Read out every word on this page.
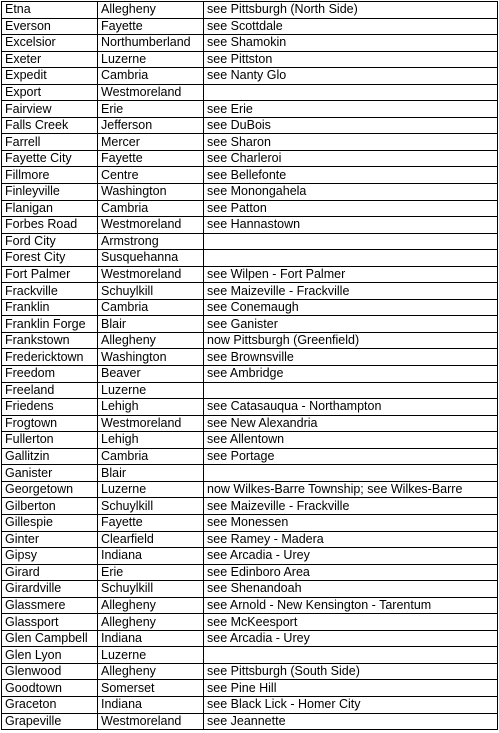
Etna	Allegheny	see Pittsburgh (North Side)
Everson	Fayette	see Scottdale
Excelsior	Northumberland	see Shamokin
Exeter	Luzerne	see Pittston
Expedit	Cambria	see Nanty Glo
Export	Westmoreland	
Fairview	Erie	see Erie
Falls Creek	Jefferson	see DuBois
Farrell	Mercer	see Sharon
Fayette City	Fayette	see Charleroi
Fillmore	Centre	see Bellefonte
Finleyville	Washington	see Monongahela
Flanigan	Cambria	see Patton
Forbes Road	Westmoreland	see Hannastown
Ford City	Armstrong	
Forest City	Susquehanna	
Fort Palmer	Westmoreland	see Wilpen - Fort Palmer
Frackville	Schuylkill	see Maizeville - Frackville
Franklin	Cambria	see Conemaugh
Franklin Forge	Blair	see Ganister
Frankstown	Allegheny	now Pittsburgh (Greenfield)
Fredericktown	Washington	see Brownsville
Freedom	Beaver	see Ambridge
Freeland	Luzerne	
Friedens	Lehigh	see Catasauqua - Northampton
Frogtown	Westmoreland	see New Alexandria
Fullerton	Lehigh	see Allentown
Gallitzin	Cambria	see Portage
Ganister	Blair	
Georgetown	Luzerne	now Wilkes-Barre Township; see Wilkes-Barre
Gilberton	Schuylkill	see Maizeville - Frackville
Gillespie	Fayette	see Monessen
Ginter	Clearfield	see Ramey - Madera
Gipsy	Indiana	see Arcadia - Urey
Girard	Erie	see Edinboro Area
Girardville	Schuylkill	see Shenandoah
Glassmere	Allegheny	see Arnold - New Kensington - Tarentum
Glassport	Allegheny	see McKeesport
Glen Campbell	Indiana	see Arcadia - Urey
Glen Lyon	Luzerne	
Glenwood	Allegheny	see Pittsburgh (South Side)
Goodtown	Somerset	see Pine Hill
Graceton	Indiana	see Black Lick - Homer City
Grapeville	Westmoreland	see Jeannette
